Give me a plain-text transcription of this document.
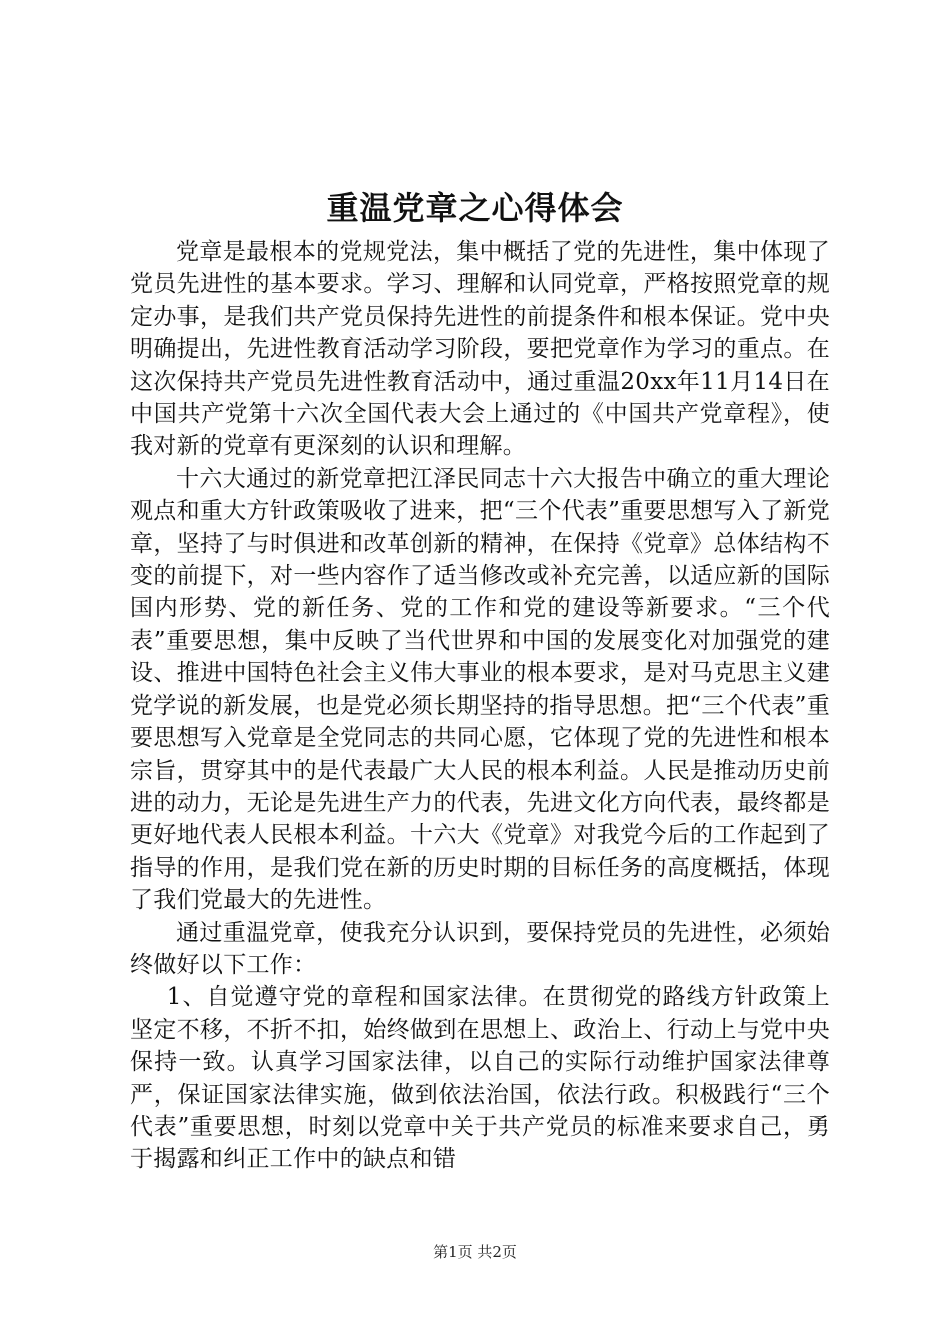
重温党章之心得体会

党章是最根本的党规党法，集中概括了党的先进性，集中体现了党员先进性的基本要求。学习、理解和认同党章，严格按照党章的规定办事，是我们共产党员保持先进性的前提条件和根本保证。党中央明确提出，先进性教育活动学习阶段，要把党章作为学习的重点。在这次保持共产党员先进性教育活动中，通过重温20xx年11月14日在中国共产党第十六次全国代表大会上通过的《中国共产党章程》，使我对新的党章有更深刻的认识和理解。

十六大通过的新党章把江泽民同志十六大报告中确立的重大理论观点和重大方针政策吸收了进来，把“三个代表”重要思想写入了新党章，坚持了与时俱进和改革创新的精神，在保持《党章》总体结构不变的前提下，对一些内容作了适当修改或补充完善，以适应新的国际国内形势、党的新任务、党的工作和党的建设等新要求。“三个代表”重要思想，集中反映了当代世界和中国的发展变化对加强党的建设、推进中国特色社会主义伟大事业的根本要求，是对马克思主义建党学说的新发展，也是党必须长期坚持的指导思想。把“三个代表”重要思想写入党章是全党同志的共同心愿，它体现了党的先进性和根本宗旨，贯穿其中的是代表最广大人民的根本利益。人民是推动历史前进的动力，无论是先进生产力的代表，先进文化方向代表，最终都是更好地代表人民根本利益。十六大《党章》对我党今后的工作起到了指导的作用，是我们党在新的历史时期的目标任务的高度概括，体现了我们党最大的先进性。

通过重温党章，使我充分认识到，要保持党员的先进性，必须始终做好以下工作：

1、自觉遵守党的章程和国家法律。在贯彻党的路线方针政策上坚定不移，不折不扣，始终做到在思想上、政治上、行动上与党中央保持一致。认真学习国家法律，以自己的实际行动维护国家法律尊严，保证国家法律实施，做到依法治国，依法行政。积极践行“三个代表”重要思想，时刻以党章中关于共产党员的标准来要求自己，勇于揭露和纠正工作中的缺点和错

第1页 共2页
